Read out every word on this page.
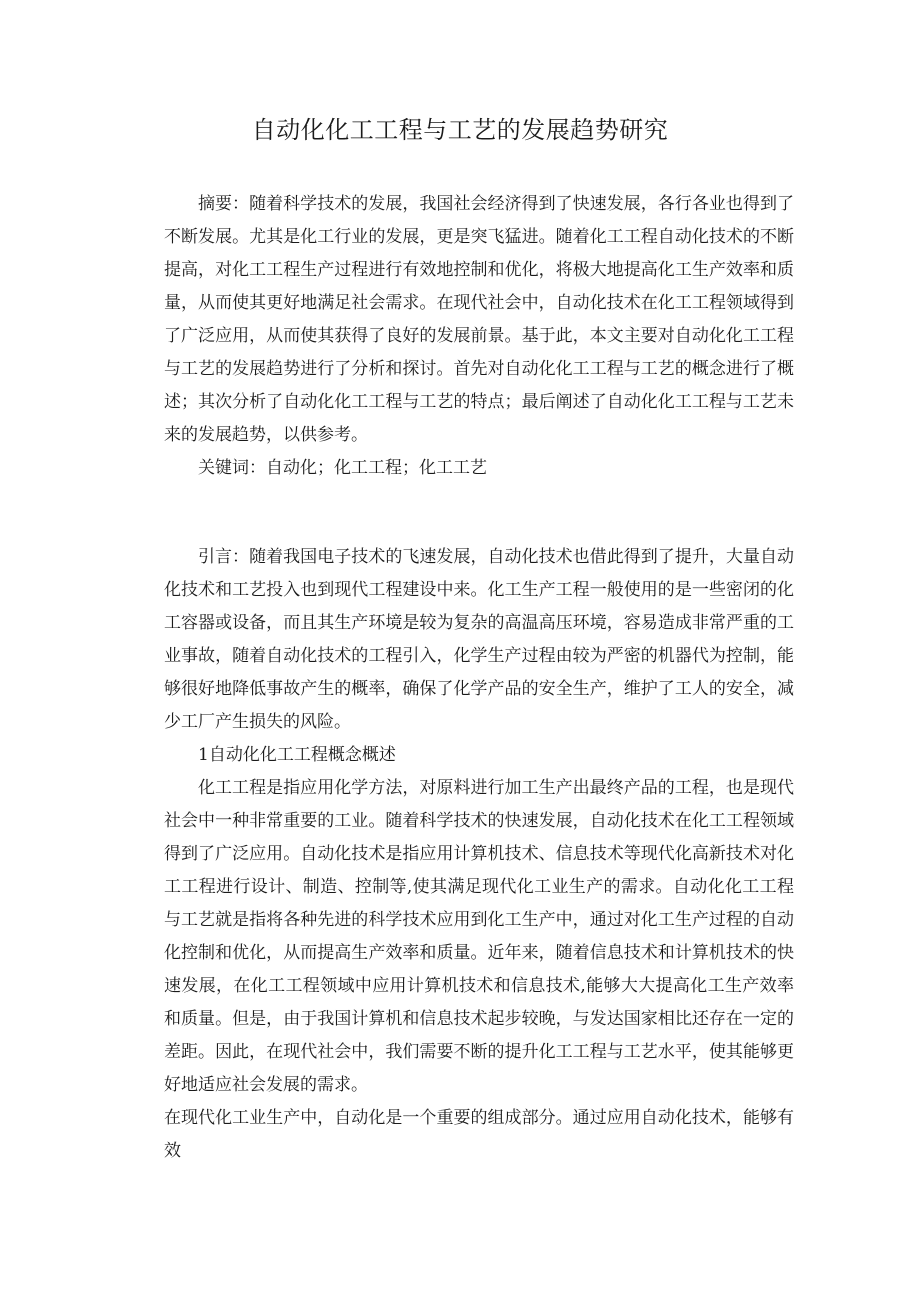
自动化化工工程与工艺的发展趋势研究

摘要：随着科学技术的发展，我国社会经济得到了快速发展，各行各业也得到了不断发展。尤其是化工行业的发展，更是突飞猛进。随着化工工程自动化技术的不断提高，对化工工程生产过程进行有效地控制和优化，将极大地提高化工生产效率和质量，从而使其更好地满足社会需求。在现代社会中，自动化技术在化工工程领域得到了广泛应用，从而使其获得了良好的发展前景。基于此，本文主要对自动化化工工程与工艺的发展趋势进行了分析和探讨。首先对自动化化工工程与工艺的概念进行了概述；其次分析了自动化化工工程与工艺的特点；最后阐述了自动化化工工程与工艺未来的发展趋势，以供参考。

关键词：自动化；化工工程；化工工艺

引言：随着我国电子技术的飞速发展，自动化技术也借此得到了提升，大量自动化技术和工艺投入也到现代工程建设中来。化工生产工程一般使用的是一些密闭的化工容器或设备，而且其生产环境是较为复杂的高温高压环境，容易造成非常严重的工业事故，随着自动化技术的工程引入，化学生产过程由较为严密的机器代为控制，能够很好地降低事故产生的概率，确保了化学产品的安全生产，维护了工人的安全，减少工厂产生损失的风险。

1自动化化工工程概念概述

化工工程是指应用化学方法，对原料进行加工生产出最终产品的工程，也是现代社会中一种非常重要的工业。随着科学技术的快速发展，自动化技术在化工工程领域得到了广泛应用。自动化技术是指应用计算机技术、信息技术等现代化高新技术对化工工程进行设计、制造、控制等,使其满足现代化工业生产的需求。自动化化工工程与工艺就是指将各种先进的科学技术应用到化工生产中，通过对化工生产过程的自动化控制和优化，从而提高生产效率和质量。近年来，随着信息技术和计算机技术的快速发展，在化工工程领域中应用计算机技术和信息技术,能够大大提高化工生产效率和质量。但是，由于我国计算机和信息技术起步较晚，与发达国家相比还存在一定的差距。因此，在现代社会中，我们需要不断的提升化工工程与工艺水平，使其能够更好地适应社会发展的需求。

在现代化工业生产中，自动化是一个重要的组成部分。通过应用自动化技术，能够有效
